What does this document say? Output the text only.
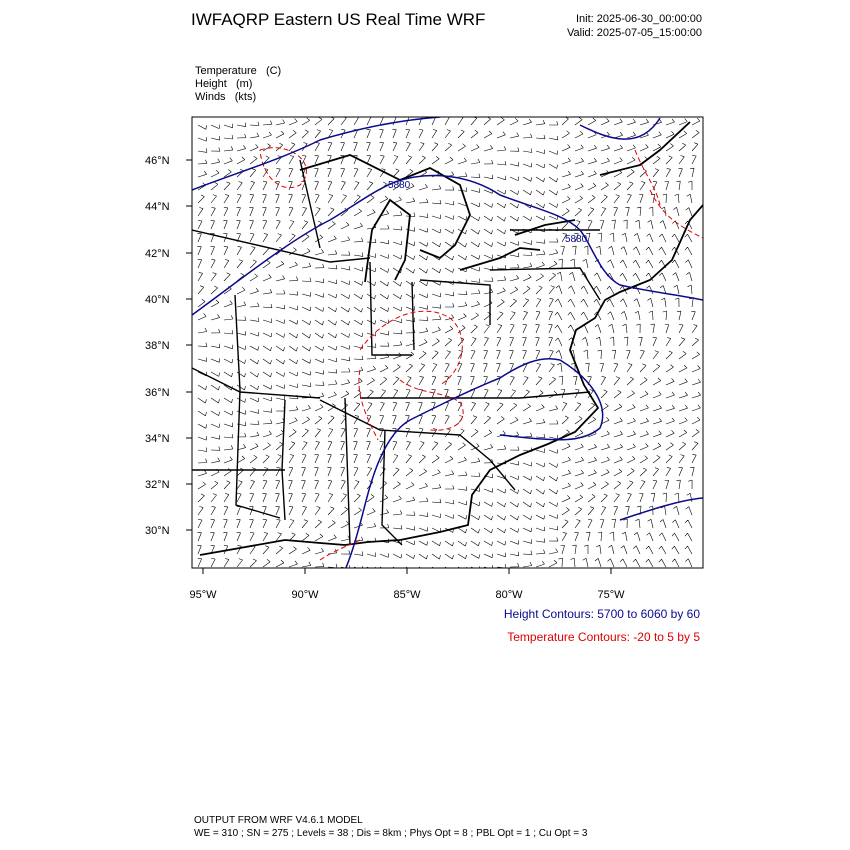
IWFAQRP Eastern US Real Time WRF	Init: 2025-06-30_00:00:00
Valid: 2025-07-05_15:00:00
Temperature (C)
Height (m)
Winds (kts)
5880
5880
46°N
44°N
42°N
40°N
38°N
36°N
34°N
32°N
30°N
95°W	90°W	85°W	80°W	75°W
Height Contours: 5700 to 6060 by 60
Temperature Contours: -20 to 5 by 5
OUTPUT FROM WRF V4.6.1 MODEL
WE = 310 ; SN = 275 ; Levels = 38 ; Dis = 8km ; Phys Opt = 8 ; PBL Opt = 1 ; Cu Opt = 3
